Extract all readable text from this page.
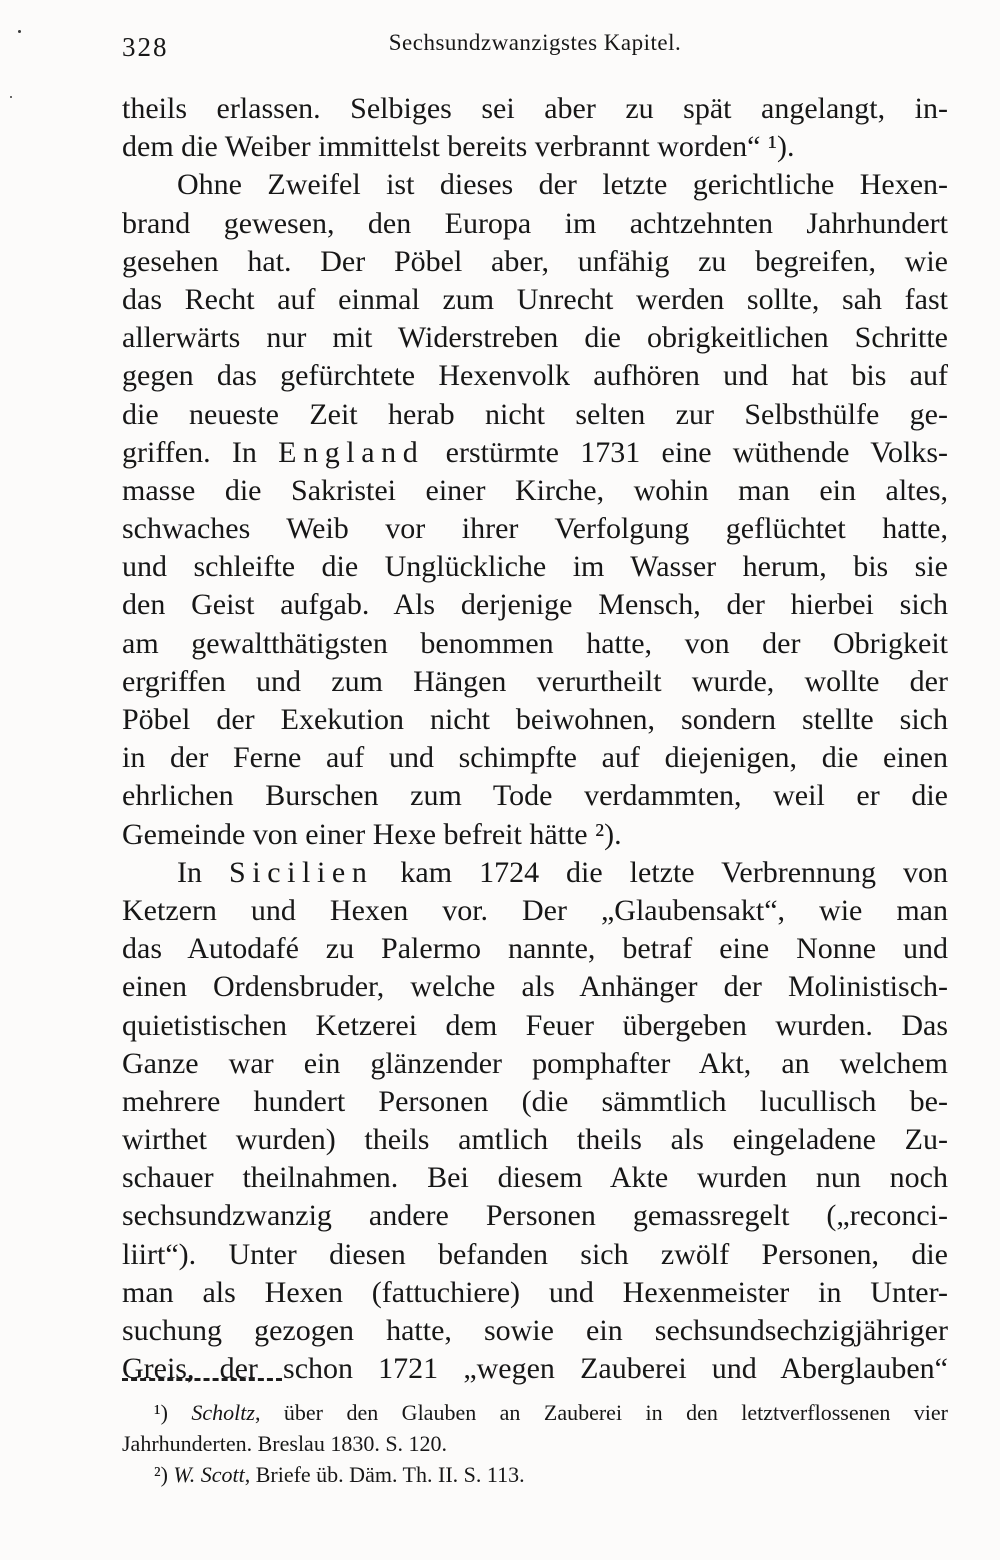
328	Sechsundzwanzigstes Kapitel.
theils erlassen. Selbiges sei aber zu spät angelangt, in-
dem die Weiber immittelst bereits verbrannt worden“ ¹).
Ohne Zweifel ist dieses der letzte gerichtliche Hexen-
brand gewesen, den Europa im achtzehnten Jahrhundert
gesehen hat. Der Pöbel aber, unfähig zu begreifen, wie
das Recht auf einmal zum Unrecht werden sollte, sah fast
allerwärts nur mit Widerstreben die obrigkeitlichen Schritte
gegen das gefürchtete Hexenvolk aufhören und hat bis auf
die neueste Zeit herab nicht selten zur Selbsthülfe ge-
griffen. In England erstürmte 1731 eine wüthende Volks-
masse die Sakristei einer Kirche, wohin man ein altes,
schwaches Weib vor ihrer Verfolgung geflüchtet hatte,
und schleifte die Unglückliche im Wasser herum, bis sie
den Geist aufgab. Als derjenige Mensch, der hierbei sich
am gewaltthätigsten benommen hatte, von der Obrigkeit
ergriffen und zum Hängen verurtheilt wurde, wollte der
Pöbel der Exekution nicht beiwohnen, sondern stellte sich
in der Ferne auf und schimpfte auf diejenigen, die einen
ehrlichen Burschen zum Tode verdammten, weil er die
Gemeinde von einer Hexe befreit hätte ²).
In Sicilien kam 1724 die letzte Verbrennung von
Ketzern und Hexen vor. Der „Glaubensakt“, wie man
das Autodafé zu Palermo nannte, betraf eine Nonne und
einen Ordensbruder, welche als Anhänger der Molinistisch-
quietistischen Ketzerei dem Feuer übergeben wurden. Das
Ganze war ein glänzender pomphafter Akt, an welchem
mehrere hundert Personen (die sämmtlich lucullisch be-
wirthet wurden) theils amtlich theils als eingeladene Zu-
schauer theilnahmen. Bei diesem Akte wurden nun noch
sechsundzwanzig andere Personen gemassregelt („reconci-
liirt“). Unter diesen befanden sich zwölf Personen, die
man als Hexen (fattuchiere) und Hexenmeister in Unter-
suchung gezogen hatte, sowie ein sechsundsechzigjähriger
Greis, der schon 1721 „wegen Zauberei und Aberglauben“
¹) Scholtz, über den Glauben an Zauberei in den letztverflossenen vier
Jahrhunderten. Breslau 1830. S. 120.
²) W. Scott, Briefe üb. Däm. Th. II. S. 113.
